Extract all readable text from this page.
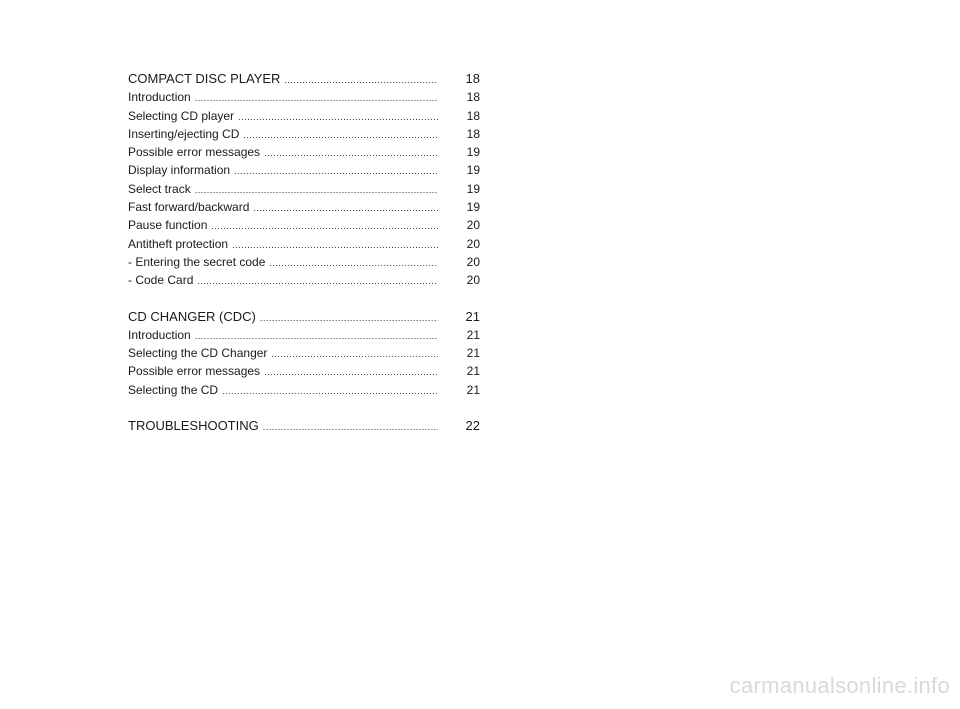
COMPACT DISC PLAYER .....	18
Introduction .....	18
Selecting CD player .....	18
Inserting/ejecting CD .....	18
Possible error messages .....	19
Display information .....	19
Select track .....	19
Fast forward/backward .....	19
Pause function .....	20
Antitheft protection .....	20
- Entering the secret code .....	20
- Code Card .....	20
CD CHANGER (CDC) .....	21
Introduction .....	21
Selecting the CD Changer .....	21
Possible error messages .....	21
Selecting the CD .....	21
TROUBLESHOOTING .....	22
carmanualsonline.info
